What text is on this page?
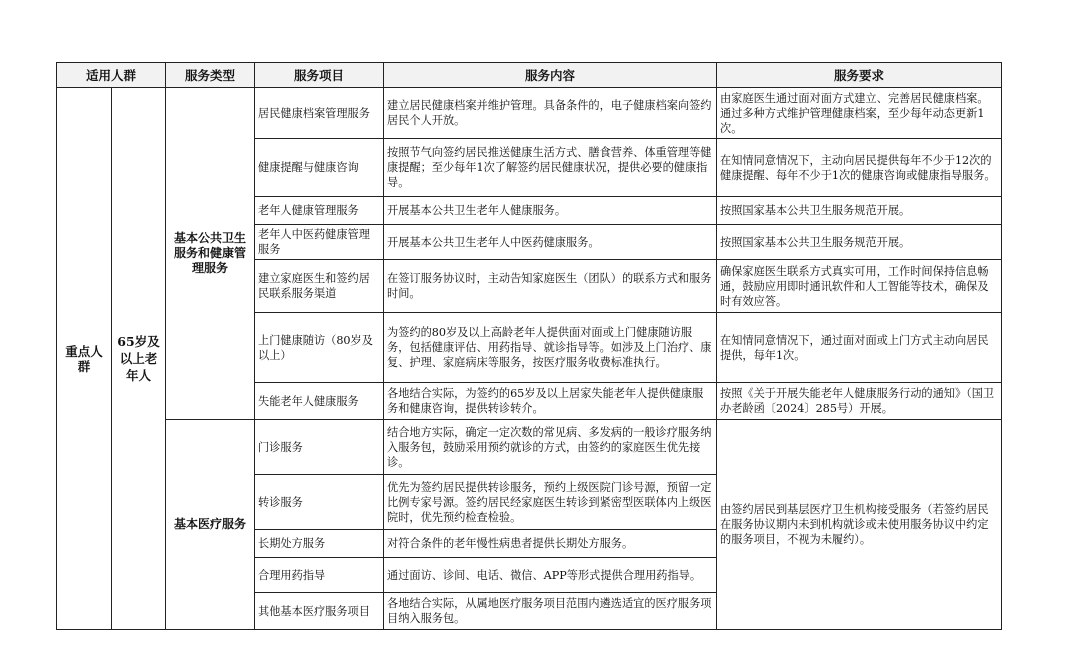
适用人群		服务类型	服务项目	服务内容	服务要求
重点人群	65岁及以上老年人	基本公共卫生服务和健康管理服务	居民健康档案管理服务	建立居民健康档案并维护管理。具备条件的，电子健康档案向签约居民个人开放。	由家庭医生通过面对面方式建立、完善居民健康档案。通过多种方式维护管理健康档案，至少每年动态更新1次。
			健康提醒与健康咨询	按照节气向签约居民推送健康生活方式、膳食营养、体重管理等健康提醒；至少每年1次了解签约居民健康状况，提供必要的健康指导。	在知情同意情况下，主动向居民提供每年不少于12次的健康提醒、每年不少于1次的健康咨询或健康指导服务。
			老年人健康管理服务	开展基本公共卫生老年人健康服务。	按照国家基本公共卫生服务规范开展。
			老年人中医药健康管理服务	开展基本公共卫生老年人中医药健康服务。	按照国家基本公共卫生服务规范开展。
			建立家庭医生和签约居民联系服务渠道	在签订服务协议时，主动告知家庭医生（团队）的联系方式和服务时间。	确保家庭医生联系方式真实可用，工作时间保持信息畅通，鼓励应用即时通讯软件和人工智能等技术，确保及时有效应答。
			上门健康随访（80岁及以上）	为签约的80岁及以上高龄老年人提供面对面或上门健康随访服务，包括健康评估、用药指导、就诊指导等。如涉及上门治疗、康复、护理、家庭病床等服务，按医疗服务收费标准执行。	在知情同意情况下，通过面对面或上门方式主动向居民提供，每年1次。
			失能老年人健康服务	各地结合实际，为签约的65岁及以上居家失能老年人提供健康服务和健康咨询，提供转诊转介。	按照《关于开展失能老年人健康服务行动的通知》（国卫办老龄函〔2024〕285号）开展。
		基本医疗服务	门诊服务	结合地方实际，确定一定次数的常见病、多发病的一般诊疗服务纳入服务包，鼓励采用预约就诊的方式，由签约的家庭医生优先接诊。	由签约居民到基层医疗卫生机构接受服务（若签约居民在服务协议期内未到机构就诊或未使用服务协议中约定的服务项目，不视为未履约）。
			转诊服务	优先为签约居民提供转诊服务，预约上级医院门诊号源，预留一定比例专家号源。签约居民经家庭医生转诊到紧密型医联体内上级医院时，优先预约检查检验。	
			长期处方服务	对符合条件的老年慢性病患者提供长期处方服务。	
			合理用药指导	通过面访、诊间、电话、微信、APP等形式提供合理用药指导。	
			其他基本医疗服务项目	各地结合实际，从属地医疗服务项目范围内遴选适宜的医疗服务项目纳入服务包。	
